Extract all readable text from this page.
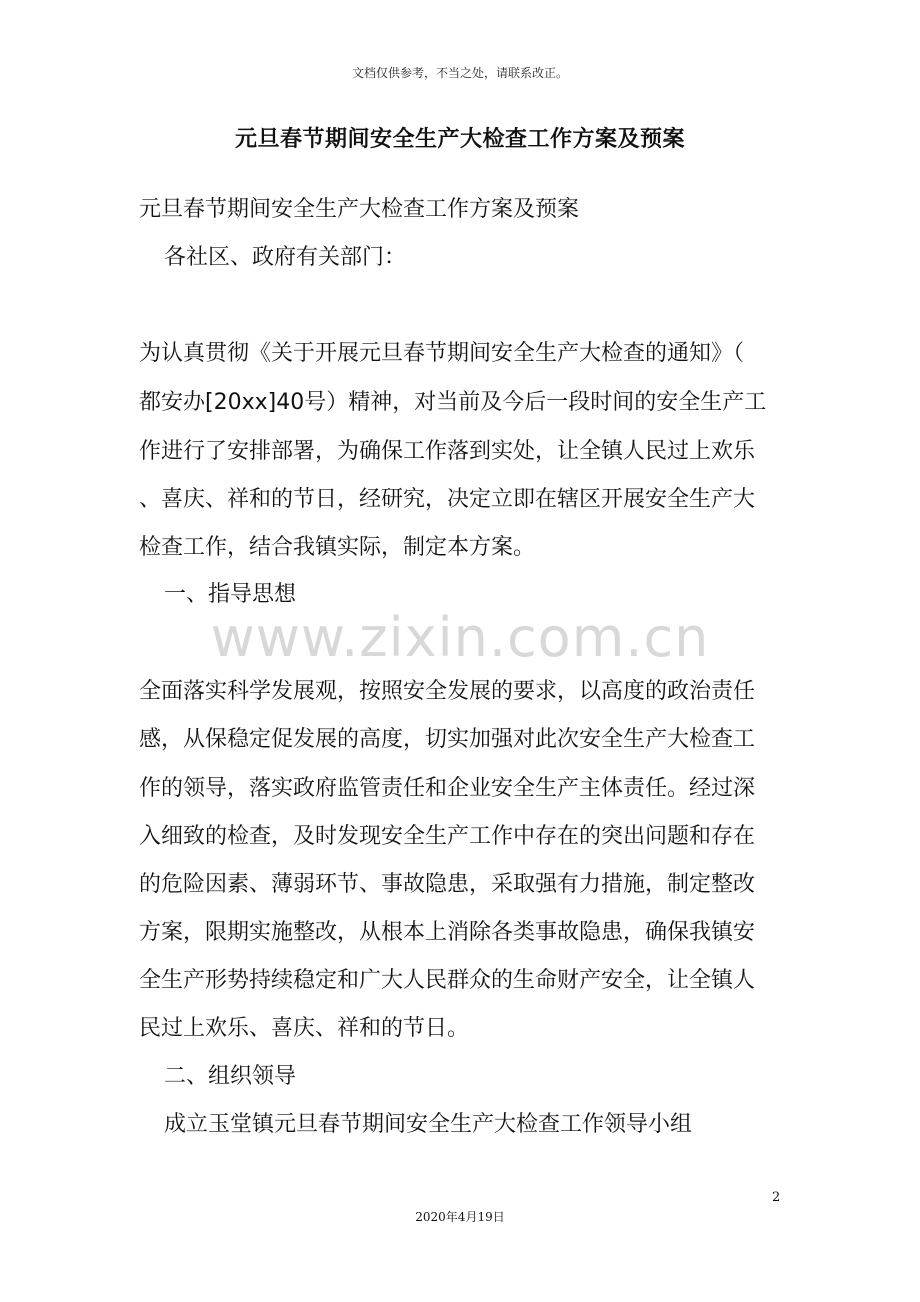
文档仅供参考，不当之处，请联系改正。
元旦春节期间安全生产大检查工作方案及预案
元旦春节期间安全生产大检查工作方案及预案
各社区、政府有关部门：
为认真贯彻《关于开展元旦春节期间安全生产大检查的通知》（
都安办[20xx]40号）精神，对当前及今后一段时间的安全生产工
作进行了安排部署，为确保工作落到实处，让全镇人民过上欢乐
、喜庆、祥和的节日，经研究，决定立即在辖区开展安全生产大
检查工作，结合我镇实际，制定本方案。
一、指导思想
www.zixin.com.cn
全面落实科学发展观，按照安全发展的要求，以高度的政治责任
感，从保稳定促发展的高度，切实加强对此次安全生产大检查工
作的领导，落实政府监管责任和企业安全生产主体责任。经过深
入细致的检查，及时发现安全生产工作中存在的突出问题和存在
的危险因素、薄弱环节、事故隐患，采取强有力措施，制定整改
方案，限期实施整改，从根本上消除各类事故隐患，确保我镇安
全生产形势持续稳定和广大人民群众的生命财产安全，让全镇人
民过上欢乐、喜庆、祥和的节日。
二、组织领导
成立玉堂镇元旦春节期间安全生产大检查工作领导小组
2
2020年4月19日
